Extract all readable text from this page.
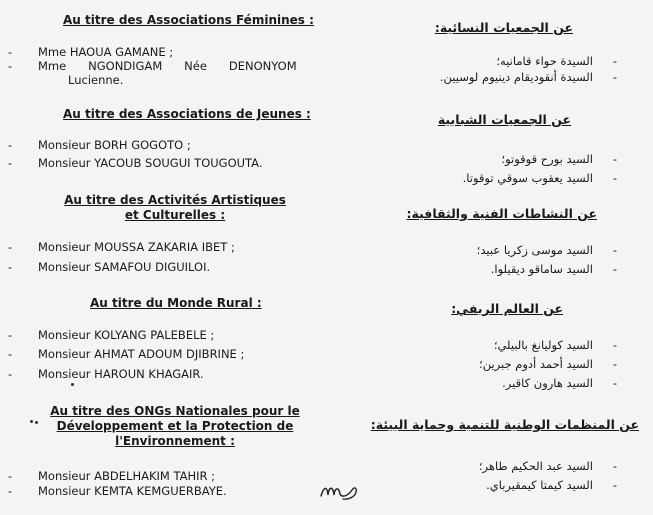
Au titre des Associations Féminines :
- Mme HAOUA GAMANE ;
- Mme      NGONDIGAM      Née      DENONYOM
Lucienne.
Au titre des Associations de Jeunes :
- Monsieur BORH GOGOTO ;
- Monsieur YACOUB SOUGUI TOUGOUTA.
Au titre des Activités Artistiques
et Culturelles :
- Monsieur MOUSSA ZAKARIA IBET ;
- Monsieur SAMAFOU DIGUILOI.
Au titre du Monde Rural :
- Monsieur KOLYANG PALEBELE ;
- Monsieur AHMAT ADOUM DJIBRINE ;
- Monsieur HAROUN KHAGAIR.
Au titre des ONGs Nationales pour le
Développement et la Protection de
l'Environnement :
- Monsieur ABDELHAKIM TAHIR ;
- Monsieur KEMTA KEMGUERBAYE.
عن الجمعيات النسائية:
-
السيدة حواء قامانيه؛
-
السيدة أنقوديقام دينيوم لوسيين.
عن الجمعيات الشبابية
-
السيد بورح قوقوتو؛
-
السيد يعقوب سوقي توقوتا.
عن النشاطات الفنية والثقافية:
-
السيد موسى زكريا عبيد؛
-
السيد ساماقو ديقيلوا.
عن العالم الريفي:
-
السيد كوليانغ بالبيلي؛
-
السيد أحمد أدوم جبرين؛
-
السيد هارون كاقير.
عن المنظمات الوطنية للتنمية وحماية البيئة:
-
السيد عبد الحكيم طاهر؛
-
السيد كيمتا كيمقيرباي.
